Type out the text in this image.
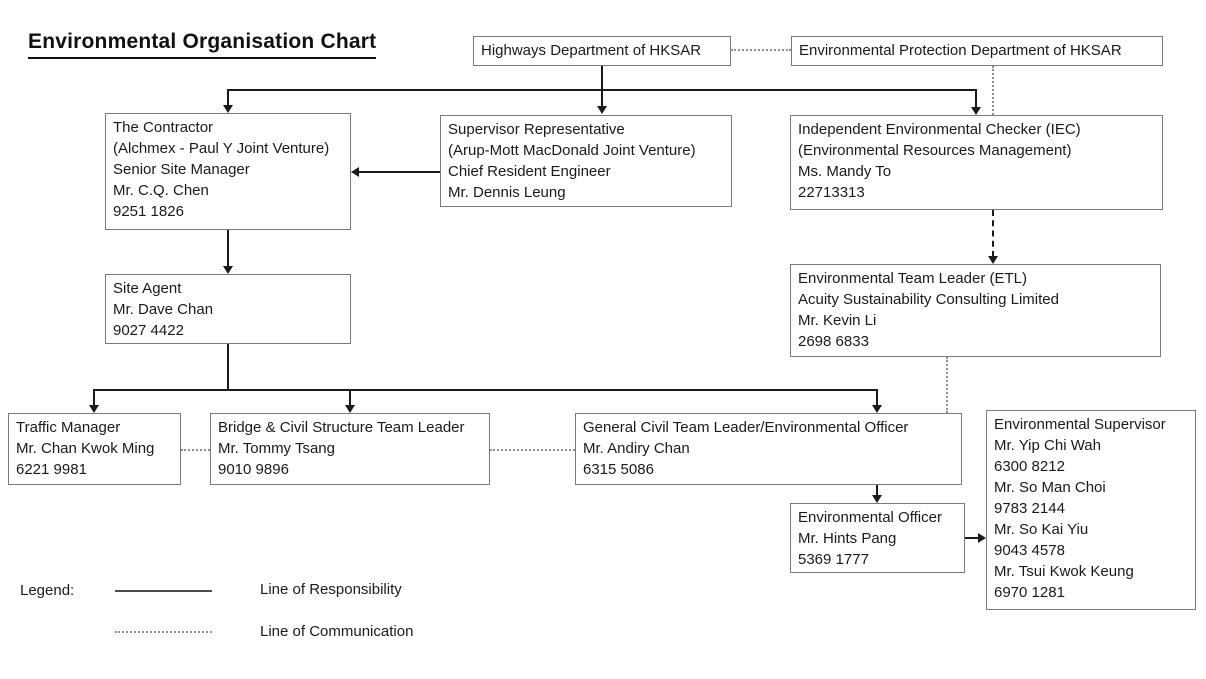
Environmental Organisation Chart	Highways Department of HKSAR	Environmental Protection Department of HKSAR
The Contractor
(Alchmex - Paul Y Joint Venture)
Senior Site Manager
Mr. C.Q. Chen
9251 1826
Supervisor Representative
(Arup-Mott MacDonald Joint Venture)
Chief Resident Engineer
Mr. Dennis Leung
Independent Environmental Checker (IEC)
(Environmental Resources Management)
Ms. Mandy To
22713313
Site Agent
Mr. Dave Chan
9027 4422
Environmental Team Leader (ETL)
Acuity Sustainability Consulting Limited
Mr. Kevin Li
2698 6833
Traffic Manager
Mr. Chan Kwok Ming
6221 9981
Bridge & Civil Structure Team Leader
Mr. Tommy Tsang
9010 9896
General Civil Team Leader/Environmental Officer
Mr. Andiry Chan
6315 5086
Environmental Officer
Mr. Hints Pang
5369 1777
Environmental Supervisor
Mr. Yip Chi Wah
6300 8212
Mr. So Man Choi
9783 2144
Mr. So Kai Yiu
9043 4578
Mr. Tsui Kwok Keung
6970 1281
Legend:	Line of Responsibility
Line of Communication
